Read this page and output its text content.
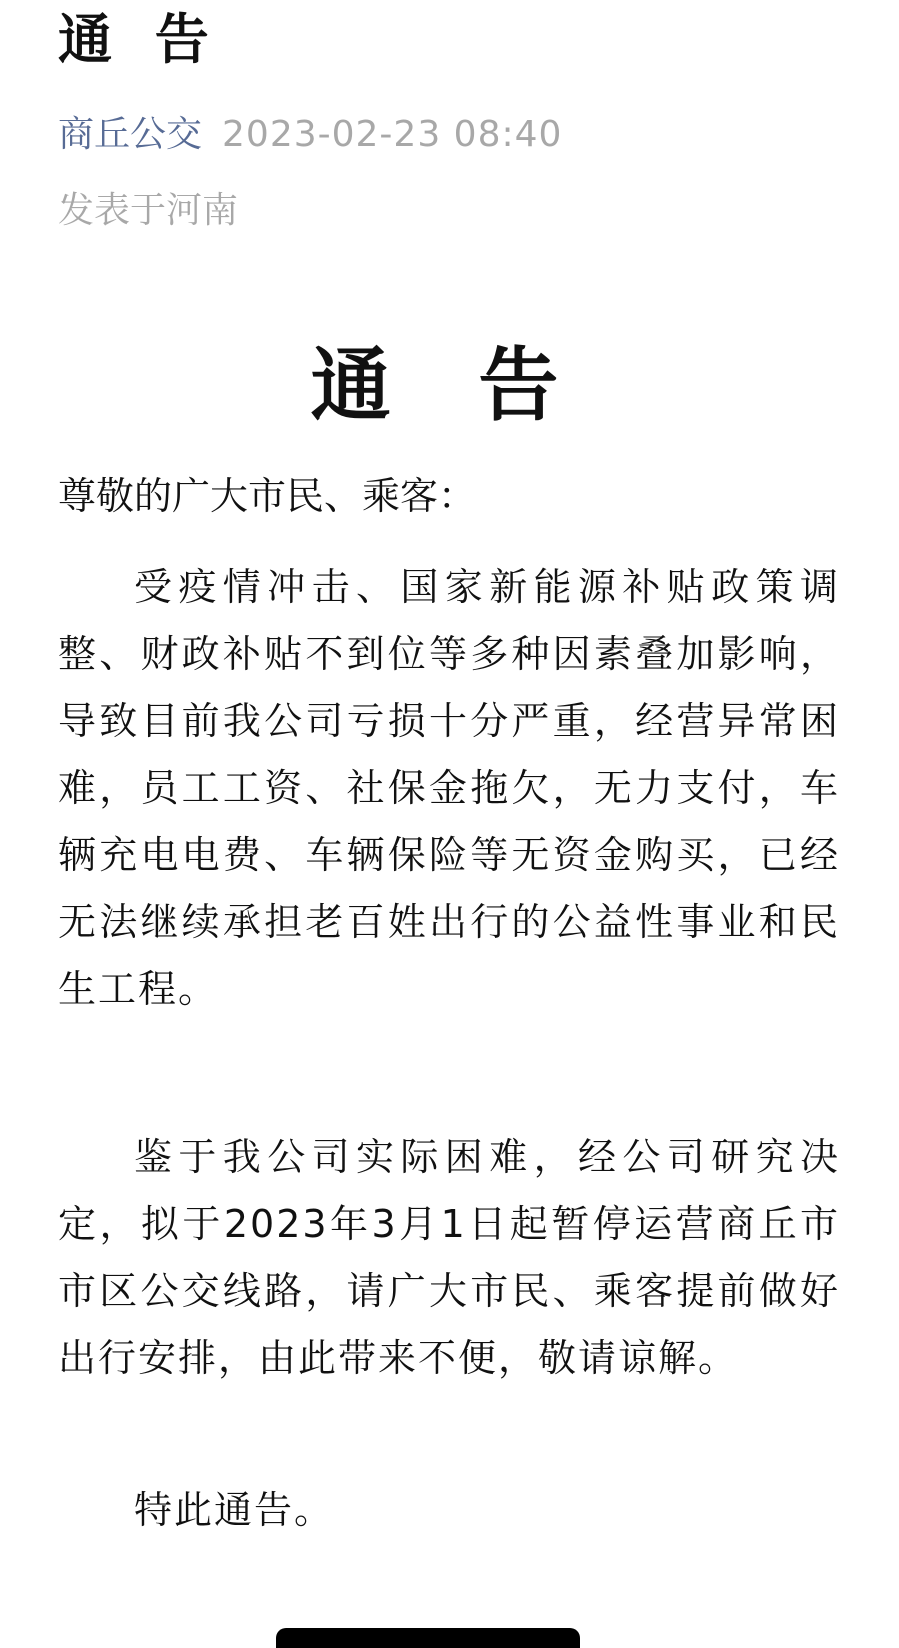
通 告
商丘公交 2023-02-23 08:40
发表于河南
通 告
尊敬的广大市民、乘客：

受疫情冲击、国家新能源补贴政策调整、财政补贴不到位等多种因素叠加影响，导致目前我公司亏损十分严重，经营异常困难，员工工资、社保金拖欠，无力支付，车辆充电电费、车辆保险等无资金购买，已经无法继续承担老百姓出行的公益性事业和民生工程。

鉴于我公司实际困难，经公司研究决定，拟于2023年3月1日起暂停运营商丘市市区公交线路，请广大市民、乘客提前做好出行安排，由此带来不便，敬请谅解。

特此通告。
